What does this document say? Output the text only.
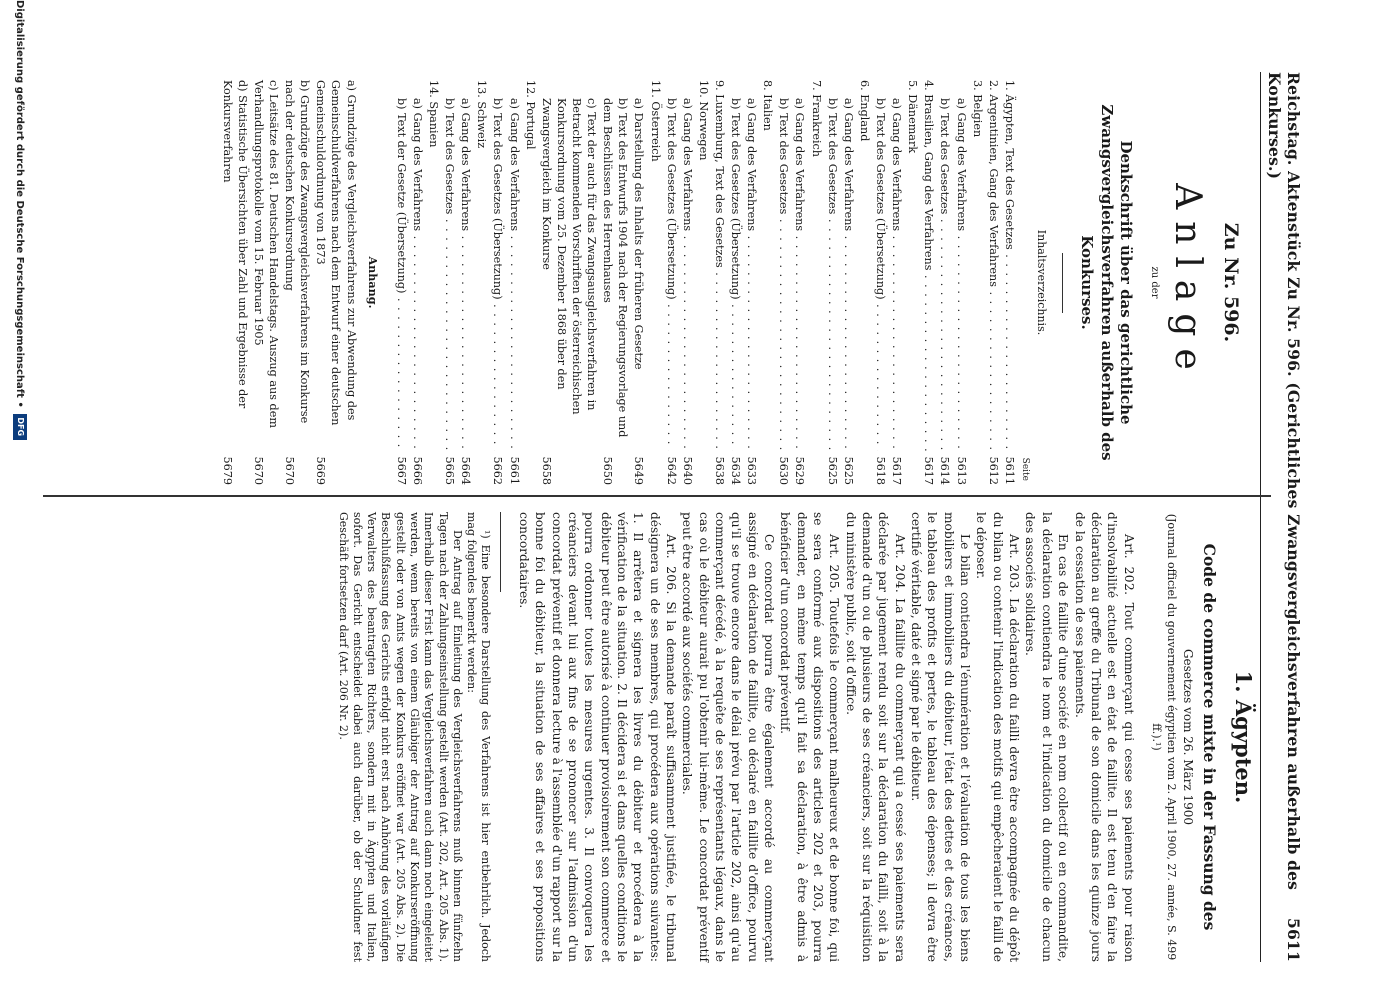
Reichstag. Aktenstück Zu Nr. 596. (Gerichtliches Zwangsvergleichsverfahren außerhalb des Konkurses.)
5611
Zu Nr. 596.
Anlage
zu der
Denkschrift über das gerichtliche Zwangsvergleichsverfahren außerhalb des Konkurses.
Inhaltsverzeichnis.
Seite
1. Ägypten, Text des Gesetzes . . .
5611
2. Argentinien, Gang des Verfahrens . . .
5612
3. Belgien
a) Gang des Verfahrens . . .
5613
b) Text des Gesetzes . . .
5614
4. Brasilien, Gang des Verfahrens . . .
5617
5. Dänemark
a) Gang des Verfahrens . . .
5617
b) Text des Gesetzes (Übersetzung) . . .
5618
6. England
a) Gang des Verfahrens . . .
5625
b) Text des Gesetzes . . .
5625
7. Frankreich
a) Gang des Verfahrens . . .
5629
b) Text des Gesetzes . . .
5630
8. Italien
a) Gang des Verfahrens . . .
5633
b) Text des Gesetzes (Übersetzung) . . .
5634
9. Luxemburg, Text des Gesetzes . . .
5638
10. Norwegen
a) Gang des Verfahrens . . .
5640
b) Text des Gesetzes (Übersetzung) . . .
5642
11. Österreich
a) Darstellung des Inhalts der früheren Gesetze
5649
b) Text des Entwurfs 1904 nach der Regierungsvorlage und dem Beschlüssen des Herrenhauses
5650
c) Text der auch für das Zwangsausgleichsverfahren in Betracht kommenden Vorschriften der österreichischen Konkursordnung vom 25. Dezember 1868 über den Zwangsvergleich im Konkurse
5658
12. Portugal
a) Gang des Verfahrens . . .
5661
b) Text des Gesetzes (Übersetzung) . . .
5662
13. Schweiz
a) Gang des Verfahrens . . .
5664
b) Text des Gesetzes . . .
5665
14. Spanien
a) Gang des Verfahrens . . .
5666
b) Text der Gesetze (Übersetzung) . . .
5667
Anhang.
a) Grundzüge des Vergleichsverfahrens zur Abwendung des Gemeinschuldverfahrens nach dem Entwurf einer deutschen Gemeinschuldordnung von 1873
5669
b) Grundzüge des Zwangsvergleichsverfahrens im Konkurse nach der deutschen Konkursordnung
5670
c) Leitsätze des 81. Deutschen Handelstags. Auszug aus dem Verhandlungsprotokolle vom 15. Februar 1905
5670
d) Statistische Übersichten über Zahl und Ergebnisse der Konkursverfahren
5679
1. Ägypten.
Code de commerce mixte in der Fassung des
Gesetzes vom 26. März 1900
(Journal officiel du gouvernement égyptien vom 2. April 1900, 27. année, S. 499 ff.).¹)

Art. 202. Tout commerçant qui cesse ses paiements pour raison d'insolvabilité actuelle est en état de faillite. Il est tenu d'en faire la déclaration au greffe du Tribunal de son domicile dans les quinze jours de la cessation de ses paiements.

En cas de faillite d'une société en nom collectif ou en commandite, la déclaration contiendra le nom et l'indication du domicile de chacun des associés solidaires.

Art. 203. La déclaration du failli devra être accompagnée du dépôt du bilan ou contenir l'indication des motifs qui empêcheraient le failli de le déposer.

Le bilan contiendra l'énumération et l'évaluation de tous les biens mobiliers et immobiliers du débiteur, l'état des dettes et des créances, le tableau des profits et pertes, le tableau des dépenses; il devra être certifié véritable, daté et signé par le débiteur.

Art. 204. La faillite du commerçant qui a cessé ses paiements sera déclarée par jugement rendu soit sur la déclaration du failli, soit à la demande d'un ou de plusieurs de ses créanciers, soit sur la réquisition du ministère public, soit d'office.

Art. 205. Toutefois le commerçant malheureux et de bonne foi, qui se sera conformé aux dispositions des articles 202 et 203, pourra demander, en même temps qu'il fait sa déclaration, à être admis à bénéficier d'un concordat préventif.

Ce concordat pourra être également accordé au commerçant assigné en déclaration de faillite, ou déclaré en faillite d'office, pourvu qu'il se trouve encore dans le délai prévu par l'article 202, ainsi qu'au commerçant décédé, à la requête de ses représentants légaux, dans le cas où le débiteur aurait pu l'obtenir lui-même. Le concordat préventif peut être accordé aux sociétés commerciales.

Art. 206. Si la demande paraît suffisamment justifiée, le tribunal désignera un de ses membres, qui procédera aux opérations suivantes: 1. Il arrêtera et signera les livres du débiteur et procédera à la vérification de la situation. 2. Il décidera si et dans quelles conditions le débiteur peut être autorisé à continuer provisoirement son commerce et pourra ordonner toutes les mesures urgentes. 3. Il convoquera les créanciers devant lui aux fins de se prononcer sur l'admission d'un concordat préventif et donnera lecture à l'assemblée d'un rapport sur la bonne foi du débiteur, la situation de ses affaires et ses propositions concordataires.

¹) Eine besondere Darstellung des Verfahrens ist hier entbehrlich. Jedoch mag folgendes bemerkt werden:

Der Antrag auf Einleitung des Vergleichsverfahrens muß binnen fünfzehn Tagen nach der Zahlungseinstellung gestellt werden (Art. 202, Art. 205 Abs. 1). Innerhalb dieser Frist kann das Vergleichsverfahren auch dann noch eingeleitet werden, wenn bereits von einem Gläubiger der Antrag auf Konkurseröffnung gestellt oder von Amts wegen der Konkurs eröffnet war (Art. 205 Abs. 2). Die Beschlußfassung des Gerichts erfolgt nicht erst nach Anhörung des vorläufigen Verwalters des beantragten Richters, sondern mit in Ägypten und Italien, sofort. Das Gericht entscheidet dabei auch darüber, ob der Schuldner fest Geschäft fortsetzen darf (Art. 206 Nr. 2).

Digitalisierung gefördert durch die Deutsche Forschungsgemeinschaft •
DFG
